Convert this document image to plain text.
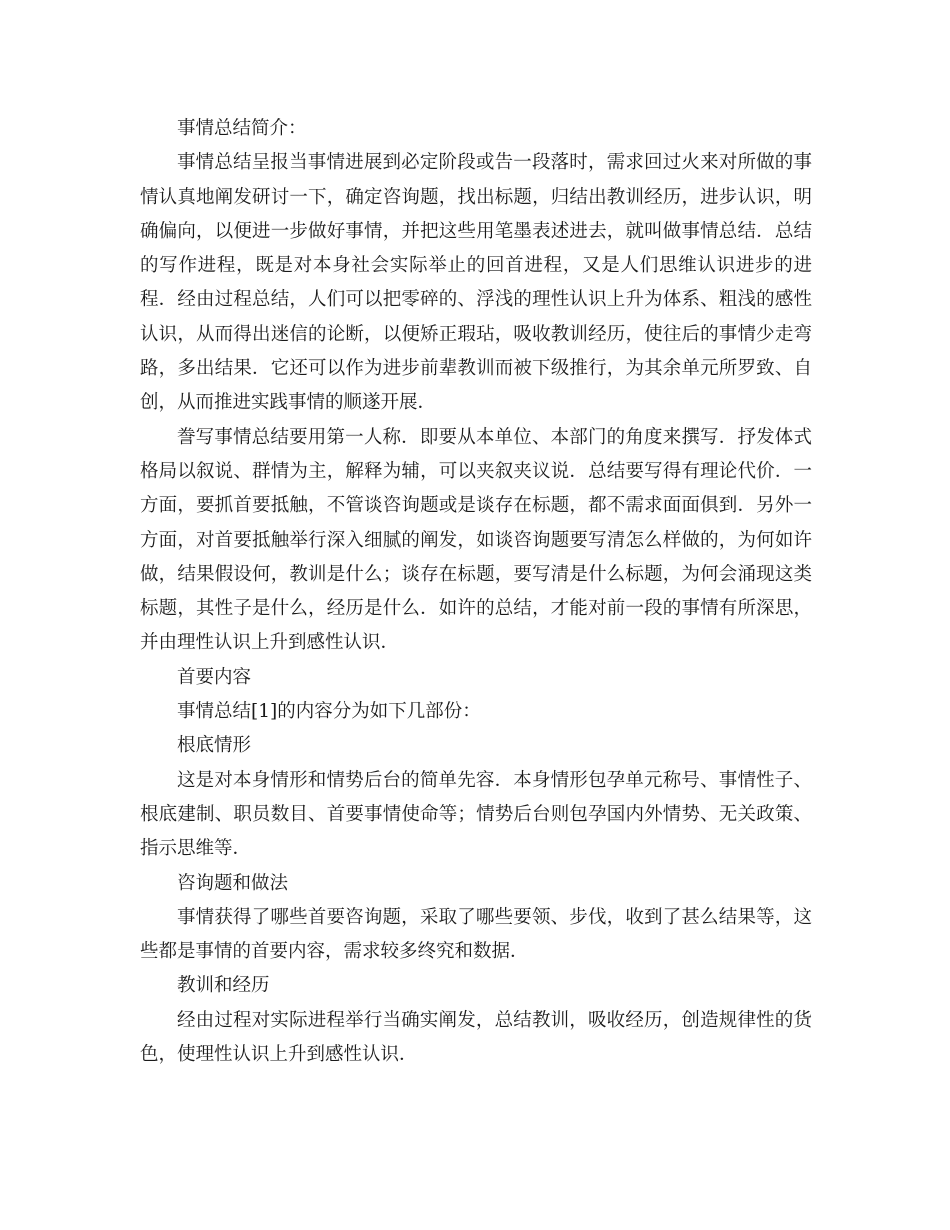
事情总结简介：

事情总结呈报当事情进展到必定阶段或告一段落时，需求回过火来对所做的事情认真地阐发研讨一下，确定咨询题，找出标题，归结出教训经历，进步认识，明确偏向，以便进一步做好事情，并把这些用笔墨表述进去，就叫做事情总结．总结的写作进程，既是对本身社会实际举止的回首进程，又是人们思维认识进步的进程．经由过程总结，人们可以把零碎的、浮浅的理性认识上升为体系、粗浅的感性认识，从而得出迷信的论断，以便矫正瑕玷，吸收教训经历，使往后的事情少走弯路，多出结果．它还可以作为进步前辈教训而被下级推行，为其余单元所罗致、自创，从而推进实践事情的顺遂开展．

誊写事情总结要用第一人称．即要从本单位、本部门的角度来撰写．抒发体式格局以叙说、群情为主，解释为辅，可以夹叙夹议说．总结要写得有理论代价．一方面，要抓首要抵触，不管谈咨询题或是谈存在标题，都不需求面面俱到．另外一方面，对首要抵触举行深入细腻的阐发，如谈咨询题要写清怎么样做的，为何如许做，结果假设何，教训是什么；谈存在标题，要写清是什么标题，为何会涌现这类标题，其性子是什么，经历是什么．如许的总结，才能对前一段的事情有所深思，并由理性认识上升到感性认识．

首要内容

事情总结[1]的内容分为如下几部份：

根底情形

这是对本身情形和情势后台的简单先容．本身情形包孕单元称号、事情性子、根底建制、职员数目、首要事情使命等；情势后台则包孕国内外情势、无关政策、指示思维等．

咨询题和做法

事情获得了哪些首要咨询题，采取了哪些要领、步伐，收到了甚么结果等，这些都是事情的首要内容，需求较多终究和数据．

教训和经历

经由过程对实际进程举行当确实阐发，总结教训，吸收经历，创造规律性的货色，使理性认识上升到感性认识．
